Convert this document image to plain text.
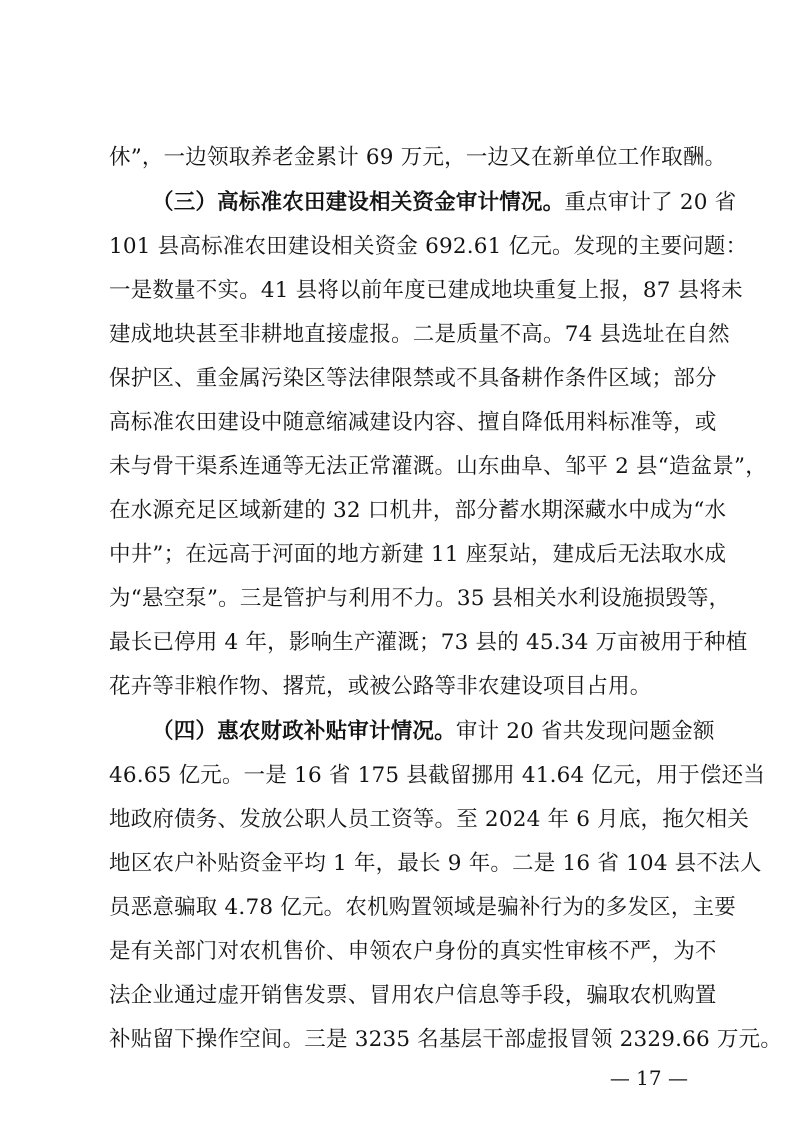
休”，一边领取养老金累计 69 万元，一边又在新单位工作取酬。
（三）高标准农田建设相关资金审计情况。重点审计了 20 省
101 县高标准农田建设相关资金 692.61 亿元。发现的主要问题：
一是数量不实。41 县将以前年度已建成地块重复上报，87 县将未
建成地块甚至非耕地直接虚报。二是质量不高。74 县选址在自然
保护区、重金属污染区等法律限禁或不具备耕作条件区域；部分
高标准农田建设中随意缩减建设内容、擅自降低用料标准等，或
未与骨干渠系连通等无法正常灌溉。山东曲阜、邹平 2 县“造盆景”，
在水源充足区域新建的 32 口机井，部分蓄水期深藏水中成为“水
中井”；在远高于河面的地方新建 11 座泵站，建成后无法取水成
为“悬空泵”。三是管护与利用不力。35 县相关水利设施损毁等，
最长已停用 4 年，影响生产灌溉；73 县的 45.34 万亩被用于种植
花卉等非粮作物、撂荒，或被公路等非农建设项目占用。
（四）惠农财政补贴审计情况。审计 20 省共发现问题金额
46.65 亿元。一是 16 省 175 县截留挪用 41.64 亿元，用于偿还当
地政府债务、发放公职人员工资等。至 2024 年 6 月底，拖欠相关
地区农户补贴资金平均 1 年，最长 9 年。二是 16 省 104 县不法人
员恶意骗取 4.78 亿元。农机购置领域是骗补行为的多发区，主要
是有关部门对农机售价、申领农户身份的真实性审核不严，为不
法企业通过虚开销售发票、冒用农户信息等手段，骗取农机购置
补贴留下操作空间。三是 3235 名基层干部虚报冒领 2329.66 万元。
— 17 —
